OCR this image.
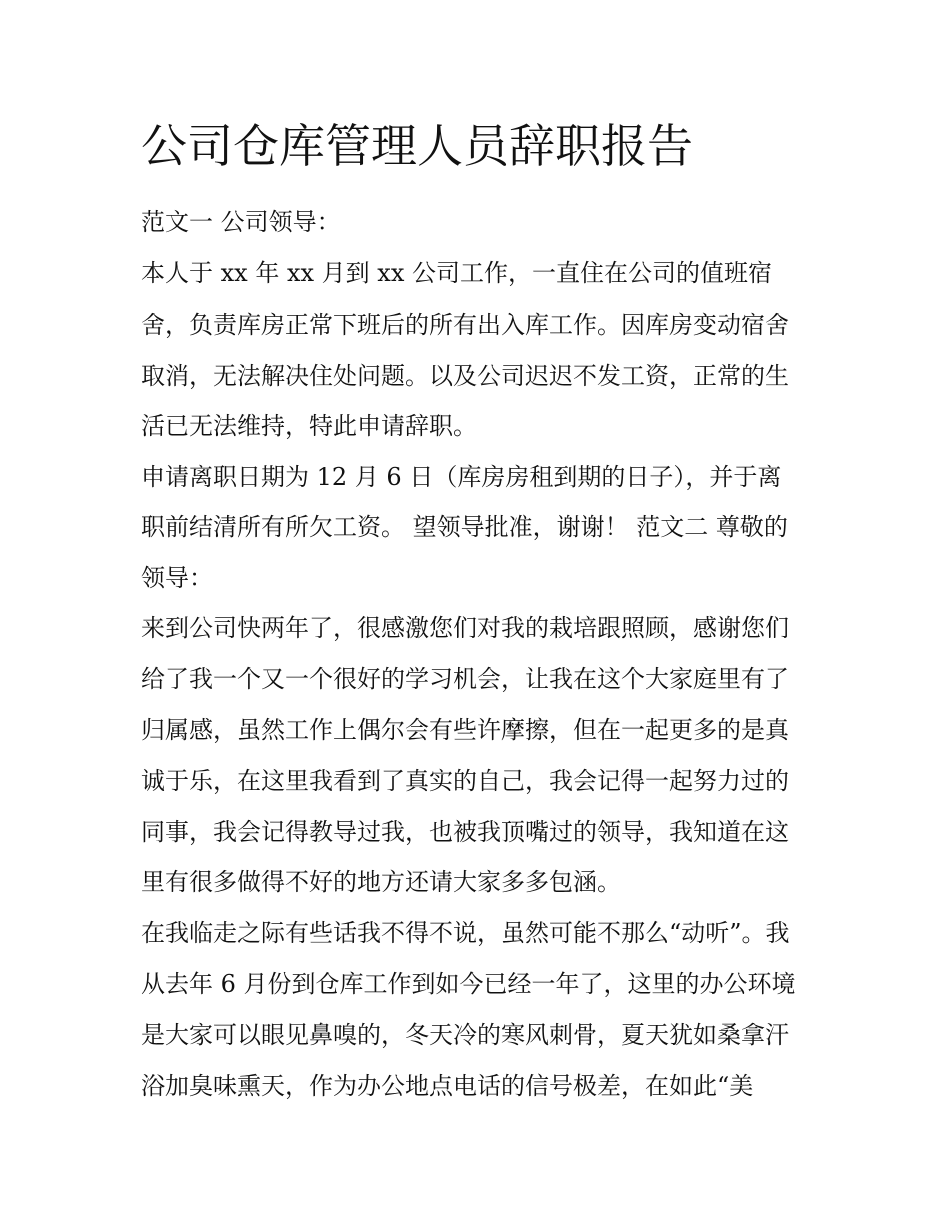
公司仓库管理人员辞职报告
范文一 公司领导：
本人于 xx 年 xx 月到 xx 公司工作，一直住在公司的值班宿
舍，负责库房正常下班后的所有出入库工作。因库房变动宿舍
取消，无法解决住处问题。以及公司迟迟不发工资，正常的生
活已无法维持，特此申请辞职。
申请离职日期为 12 月 6 日（库房房租到期的日子），并于离
职前结清所有所欠工资。 望领导批准，谢谢！ 范文二 尊敬的
领导：
来到公司快两年了，很感激您们对我的栽培跟照顾，感谢您们
给了我一个又一个很好的学习机会，让我在这个大家庭里有了
归属感，虽然工作上偶尔会有些许摩擦，但在一起更多的是真
诚于乐，在这里我看到了真实的自己，我会记得一起努力过的
同事，我会记得教导过我，也被我顶嘴过的领导，我知道在这
里有很多做得不好的地方还请大家多多包涵。
在我临走之际有些话我不得不说，虽然可能不那么“动听”。我
从去年 6 月份到仓库工作到如今已经一年了，这里的办公环境
是大家可以眼见鼻嗅的，冬天冷的寒风刺骨，夏天犹如桑拿汗
浴加臭味熏天，作为办公地点电话的信号极差，在如此“美
